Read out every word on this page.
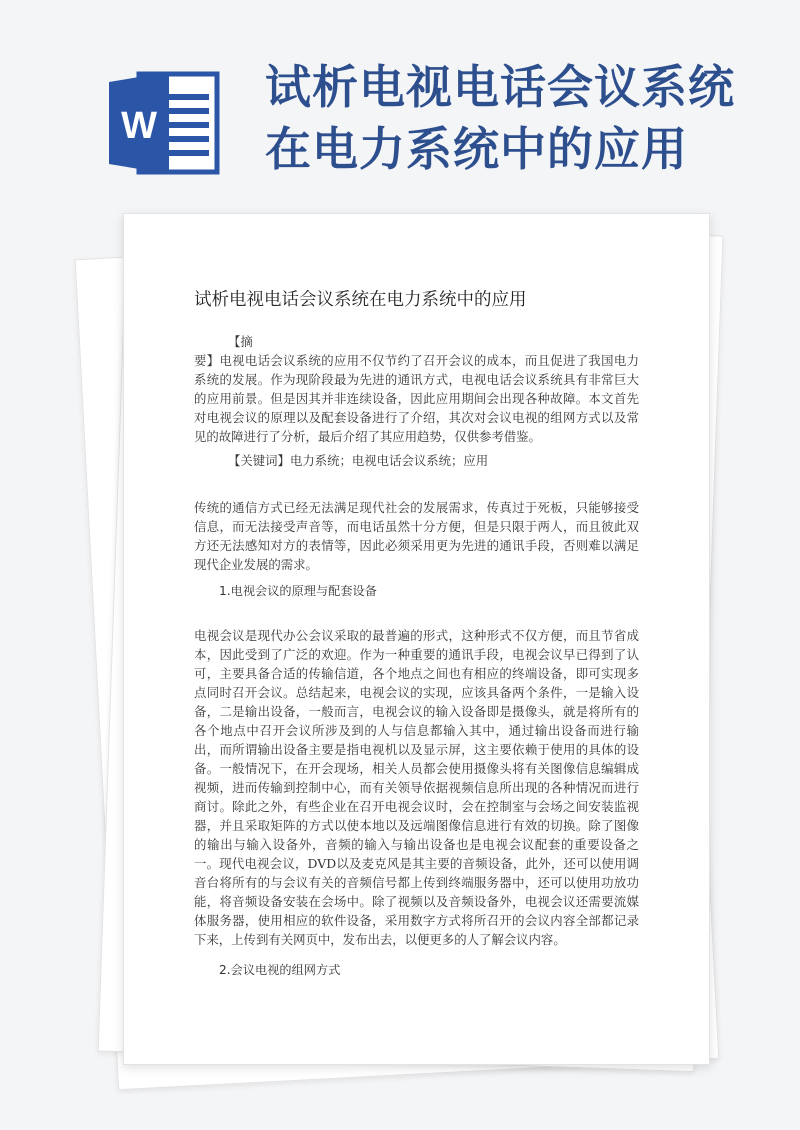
W
试析电视电话会议系统
在电力系统中的应用
试析电视电话会议系统在电力系统中的应用
【摘
要】电视电话会议系统的应用不仅节约了召开会议的成本，而且促进了我国电力系统的发展。作为现阶段最为先进的通讯方式，电视电话会议系统具有非常巨大的应用前景。但是因其并非连续设备，因此应用期间会出现各种故障。本文首先对电视会议的原理以及配套设备进行了介绍，其次对会议电视的组网方式以及常见的故障进行了分析，最后介绍了其应用趋势，仅供参考借鉴。
【关键词】电力系统；电视电话会议系统；应用
传统的通信方式已经无法满足现代社会的发展需求，传真过于死板，只能够接受信息，而无法接受声音等，而电话虽然十分方便，但是只限于两人，而且彼此双方还无法感知对方的表情等，因此必须采用更为先进的通讯手段，否则难以满足现代企业发展的需求。
1.电视会议的原理与配套设备
电视会议是现代办公会议采取的最普遍的形式，这种形式不仅方便，而且节省成本，因此受到了广泛的欢迎。作为一种重要的通讯手段，电视会议早已得到了认可，主要具备合适的传输信道，各个地点之间也有相应的终端设备，即可实现多点同时召开会议。总结起来，电视会议的实现，应该具备两个条件，一是输入设备，二是输出设备，一般而言，电视会议的输入设备即是摄像头，就是将所有的各个地点中召开会议所涉及到的人与信息都输入其中，通过输出设备而进行输出，而所谓输出设备主要是指电视机以及显示屏，这主要依赖于使用的具体的设备。一般情况下，在开会现场，相关人员都会使用摄像头将有关图像信息编辑成视频，进而传输到控制中心，而有关领导依据视频信息所出现的各种情况而进行商讨。除此之外，有些企业在召开电视会议时，会在控制室与会场之间安装监视器，并且采取矩阵的方式以使本地以及远端图像信息进行有效的切换。除了图像的输出与输入设备外，音频的输入与输出设备也是电视会议配套的重要设备之一。现代电视会议，DVD以及麦克风是其主要的音频设备，此外，还可以使用调音台将所有的与会议有关的音频信号都上传到终端服务器中，还可以使用功放功能，将音频设备安装在会场中。除了视频以及音频设备外，电视会议还需要流媒体服务器，使用相应的软件设备，采用数字方式将所召开的会议内容全部都记录下来，上传到有关网页中，发布出去，以便更多的人了解会议内容。
2.会议电视的组网方式
